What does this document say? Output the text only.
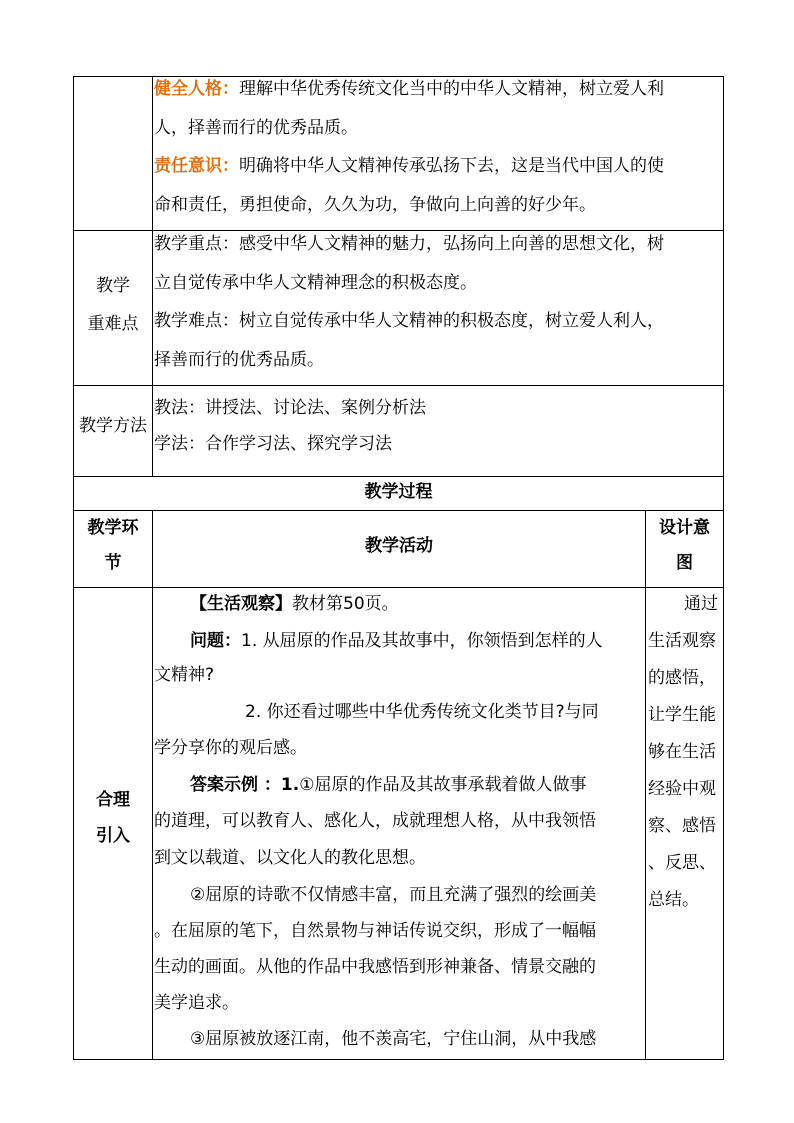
健全人格：理解中华优秀传统文化当中的中华人文精神，树立爱人利
人，择善而行的优秀品质。
责任意识：明确将中华人文精神传承弘扬下去，这是当代中国人的使
命和责任，勇担使命，久久为功，争做向上向善的好少年。
教学
重难点
教学重点：感受中华人文精神的魅力，弘扬向上向善的思想文化，树
立自觉传承中华人文精神理念的积极态度。
教学难点：树立自觉传承中华人文精神的积极态度，树立爱人利人，
择善而行的优秀品质。
教学方法
教法：讲授法、讨论法、案例分析法
学法：合作学习法、探究学习法
教学过程
教学环
节
教学活动
设计意
图
合理
引入
【生活观察】教材第50页。
问题：1. 从屈原的作品及其故事中，你领悟到怎样的人
文精神?
2. 你还看过哪些中华优秀传统文化类节目?与同
学分享你的观后感。
答案示例 ：1.①屈原的作品及其故事承载着做人做事
的道理，可以教育人、感化人，成就理想人格，从中我领悟
到文以载道、以文化人的教化思想。
②屈原的诗歌不仅情感丰富，而且充满了强烈的绘画美
。在屈原的笔下，自然景物与神话传说交织，形成了一幅幅
生动的画面。从他的作品中我感悟到形神兼备、情景交融的
美学追求。
③屈原被放逐江南，他不羡高宅，宁住山洞，从中我感
通过
生活观察
的感悟，
让学生能
够在生活
经验中观
察、感悟
、反思、
总结。
